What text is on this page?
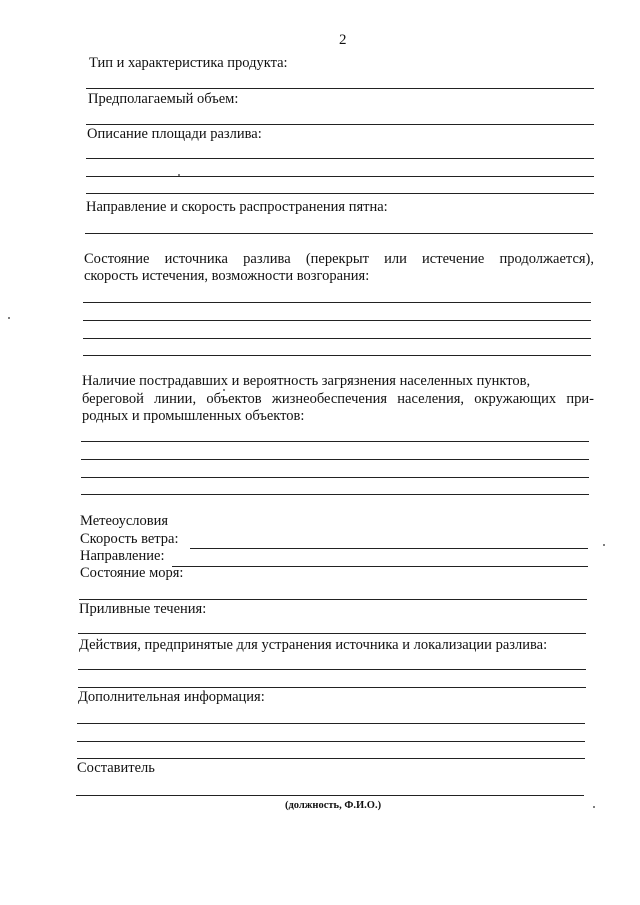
2
Тип и характеристика продукта:
Предполагаемый объем:
Описание площади разлива:
Направление и скорость распространения пятна:
Состояние источника разлива (перекрыт или истечение продолжается),
скорость истечения, возможности возгорания:
Наличие пострадавших и вероятность загрязнения населенных пунктов,
береговой линии, объектов жизнеобеспечения населения, окружающих при-
родных и промышленных объектов:
Метеоусловия
Скорость ветра:
Направление:
Состояние моря:
Приливные течения:
Действия, предпринятые для устранения источника и локализации разлива:
Дополнительная информация:
Составитель
(должность, Ф.И.О.)
